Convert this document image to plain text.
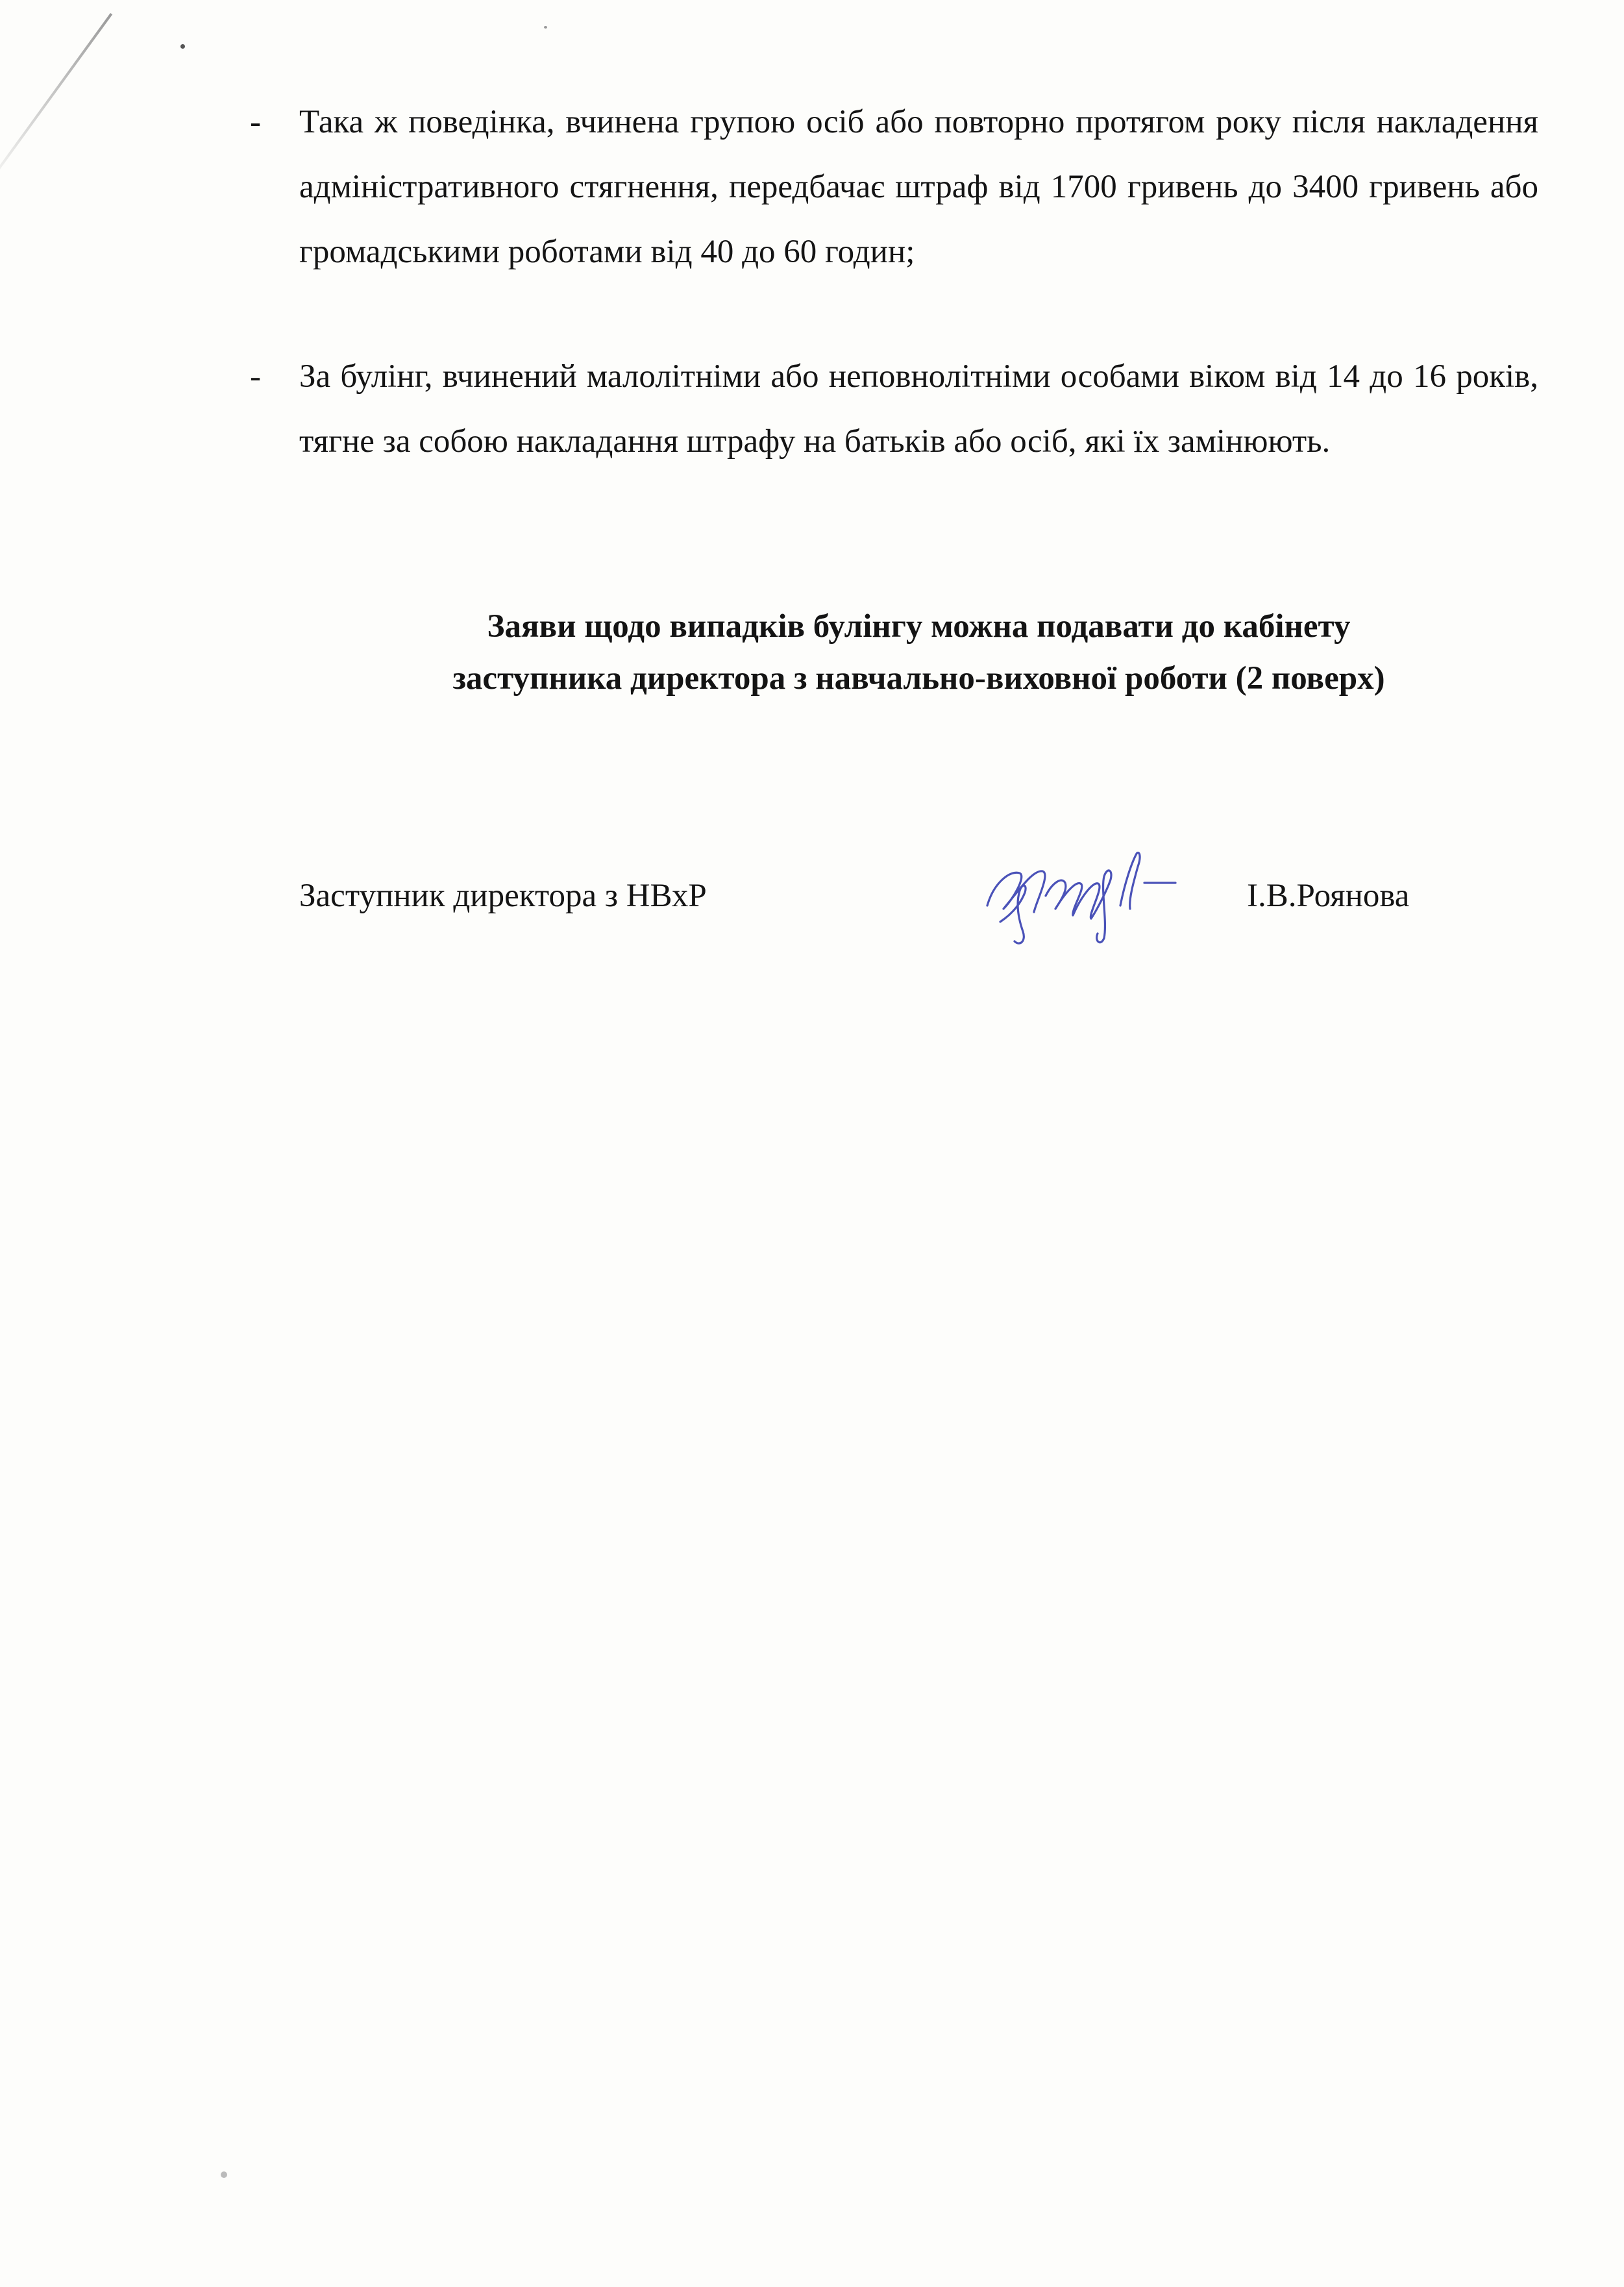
- Така ж поведінка, вчинена групою осіб або повторно протягом року після накладення адміністративного стягнення, передбачає штраф від 1700 гривень до 3400 гривень або громадськими роботами від 40 до 60 годин;
- За булінг, вчинений малолітніми або неповнолітніми особами віком від 14 до 16 років, тягне за собою накладання штрафу на батьків або осіб, які їх замінюють.
Заяви щодо випадків булінгу можна подавати до кабінету
заступника директора з навчально-виховної роботи (2 поверх)
Заступник директора з НВхР	І.В.Роянова
